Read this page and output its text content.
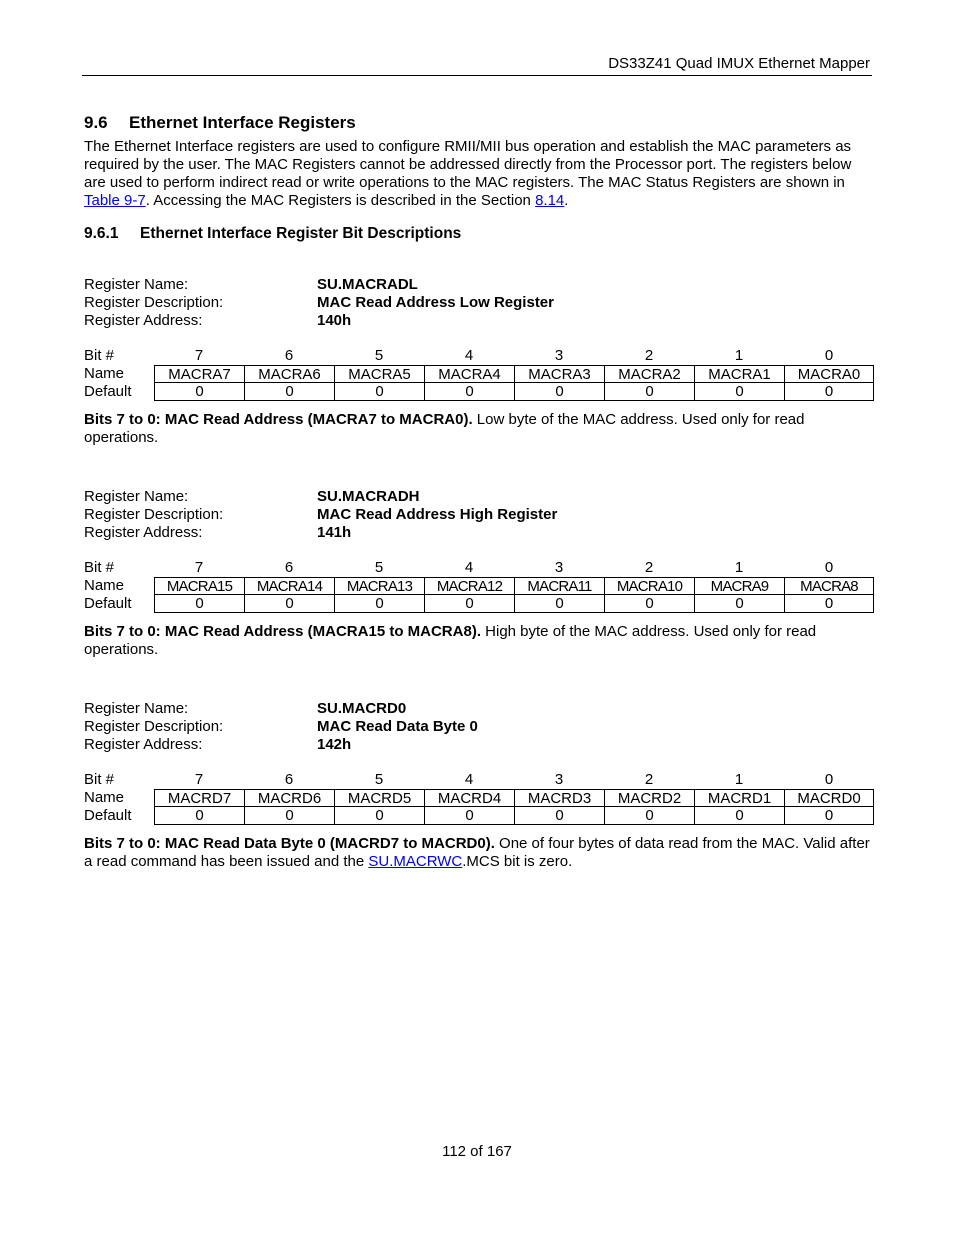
DS33Z41 Quad IMUX Ethernet Mapper
9.6 Ethernet Interface Registers
The Ethernet Interface registers are used to configure RMII/MII bus operation and establish the MAC parameters as required by the user. The MAC Registers cannot be addressed directly from the Processor port. The registers below are used to perform indirect read or write operations to the MAC registers. The MAC Status Registers are shown in Table 9-7. Accessing the MAC Registers is described in the Section 8.14.
9.6.1 Ethernet Interface Register Bit Descriptions
Register Name:	SU.MACRADL
Register Description:	MAC Read Address Low Register
Register Address:	140h
Bit #	7	6	5	4	3	2	1	0
Name	MACRA7	MACRA6	MACRA5	MACRA4	MACRA3	MACRA2	MACRA1	MACRA0
Default	0	0	0	0	0	0	0	0
Bits 7 to 0: MAC Read Address (MACRA7 to MACRA0). Low byte of the MAC address. Used only for read operations.
Register Name:	SU.MACRADH
Register Description:	MAC Read Address High Register
Register Address:	141h
Bit #	7	6	5	4	3	2	1	0
Name	MACRA15	MACRA14	MACRA13	MACRA12	MACRA11	MACRA10	MACRA9	MACRA8
Default	0	0	0	0	0	0	0	0
Bits 7 to 0: MAC Read Address (MACRA15 to MACRA8). High byte of the MAC address. Used only for read operations.
Register Name:	SU.MACRD0
Register Description:	MAC Read Data Byte 0
Register Address:	142h
Bit #	7	6	5	4	3	2	1	0
Name	MACRD7	MACRD6	MACRD5	MACRD4	MACRD3	MACRD2	MACRD1	MACRD0
Default	0	0	0	0	0	0	0	0
Bits 7 to 0: MAC Read Data Byte 0 (MACRD7 to MACRD0). One of four bytes of data read from the MAC. Valid after a read command has been issued and the SU.MACRWC.MCS bit is zero.
112 of 167
